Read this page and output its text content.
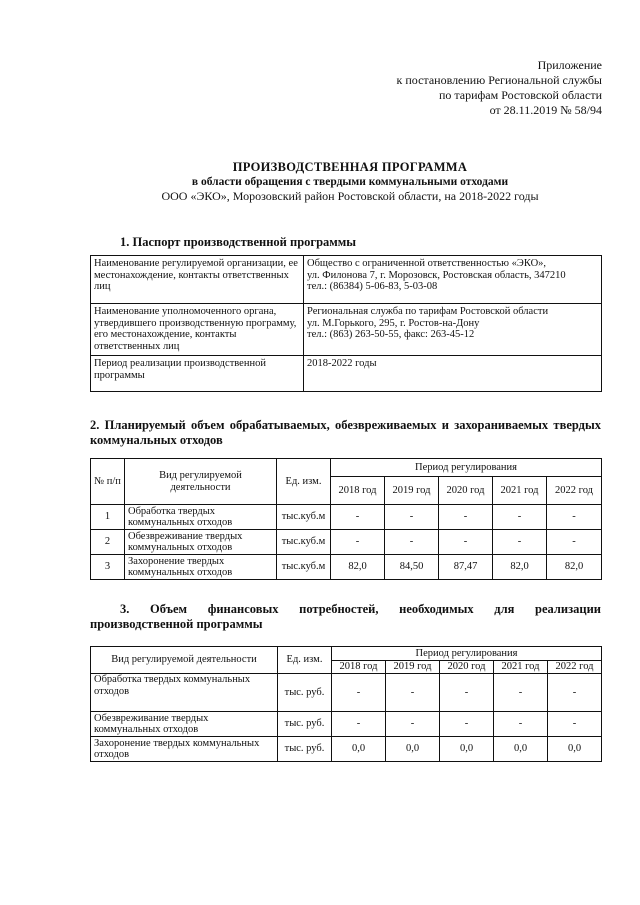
Приложение
к постановлению Региональной службы
по тарифам Ростовской области
от 28.11.2019 № 58/94
ПРОИЗВОДСТВЕННАЯ ПРОГРАММА
в области обращения с твердыми коммунальными отходами
ООО «ЭКО», Морозовский район Ростовской области, на 2018-2022 годы
1. Паспорт производственной программы
Наименование регулируемой организации, ее местонахождение, контакты ответственных лиц	Общество с ограниченной ответственностью «ЭКО»,
ул. Филонова 7, г. Морозовск, Ростовская область, 347210
тел.: (86384) 5-06-83, 5-03-08

Наименование уполномоченного органа, утвердившего производственную программу, его местонахождение, контакты ответственных лиц	Региональная служба по тарифам Ростовской области
ул. М.Горького, 295, г. Ростов-на-Дону
тел.: (863) 263-50-55, факс: 263-45-12

Период реализации производственной программы	2018-2022 годы
2. Планируемый объем обрабатываемых, обезвреживаемых и захораниваемых твердых коммунальных отходов
№ п/п	Вид регулируемой деятельности	Ед. изм.	Период регулирования				
			2018 год	2019 год	2020 год	2021 год	2022 год
1	Обработка твердых коммунальных отходов	тыс.куб.м	-	-	-	-	-
2	Обезвреживание твердых коммунальных отходов	тыс.куб.м	-	-	-	-	-
3	Захоронение твердых коммунальных отходов	тыс.куб.м	82,0	84,50	87,47	82,0	82,0
3. Объем финансовых потребностей, необходимых для реализации производственной программы
Вид регулируемой деятельности	Ед. изм.	Период регулирования				
		2018 год	2019 год	2020 год	2021 год	2022 год
Обработка твердых коммунальных отходов	тыс. руб.	-	-	-	-	-
Обезвреживание твердых коммунальных отходов	тыс. руб.	-	-	-	-	-
Захоронение твердых коммунальных отходов	тыс. руб.	0,0	0,0	0,0	0,0	0,0
